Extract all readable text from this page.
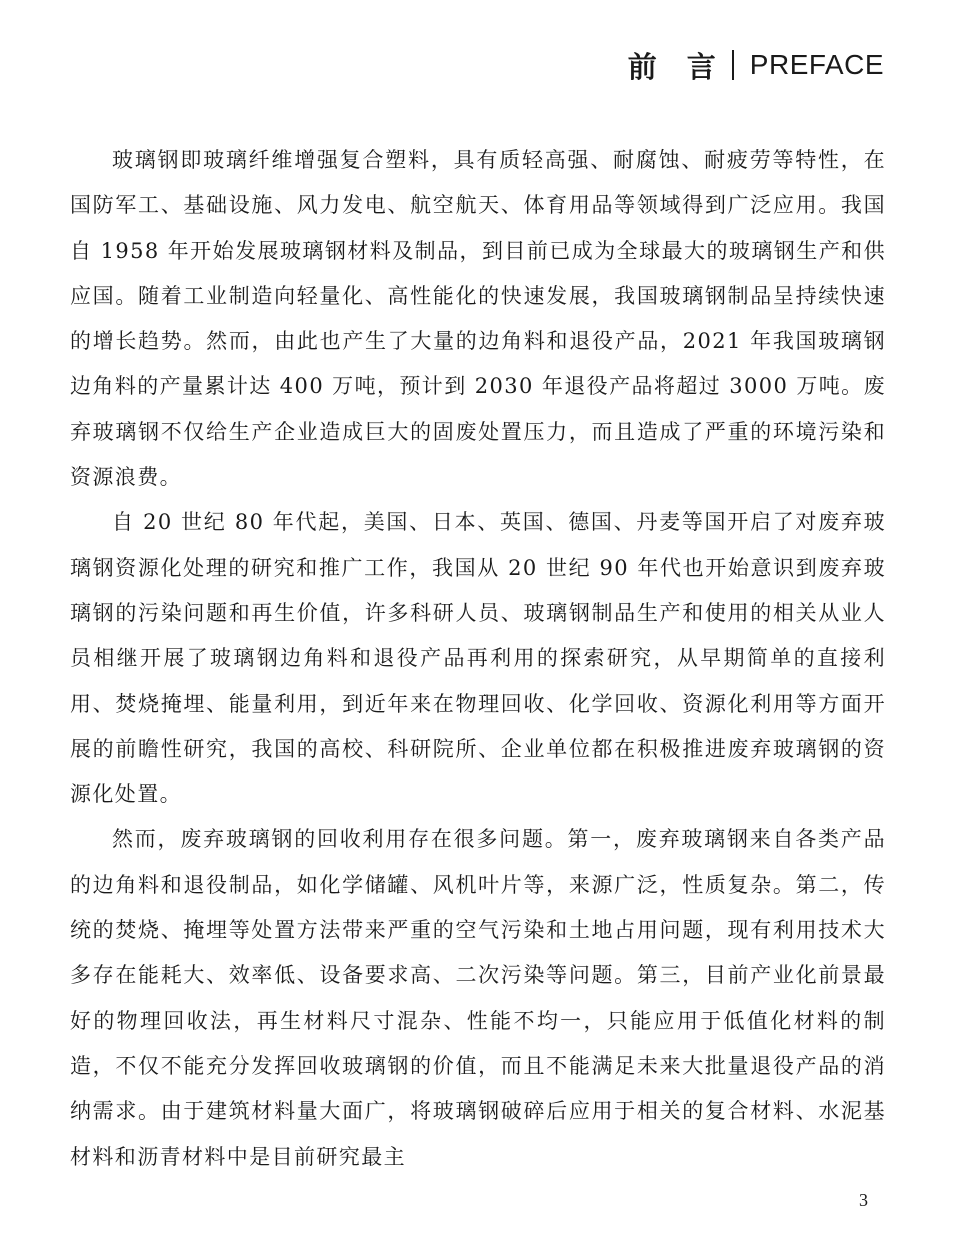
前 言 PREFACE

玻璃钢即玻璃纤维增强复合塑料，具有质轻高强、耐腐蚀、耐疲劳等特性，在国防军工、基础设施、风力发电、航空航天、体育用品等领域得到广泛应用。我国自 1958 年开始发展玻璃钢材料及制品，到目前已成为全球最大的玻璃钢生产和供应国。随着工业制造向轻量化、高性能化的快速发展，我国玻璃钢制品呈持续快速的增长趋势。然而，由此也产生了大量的边角料和退役产品，2021 年我国玻璃钢边角料的产量累计达 400 万吨，预计到 2030 年退役产品将超过 3000 万吨。废弃玻璃钢不仅给生产企业造成巨大的固废处置压力，而且造成了严重的环境污染和资源浪费。

自 20 世纪 80 年代起，美国、日本、英国、德国、丹麦等国开启了对废弃玻璃钢资源化处理的研究和推广工作，我国从 20 世纪 90 年代也开始意识到废弃玻璃钢的污染问题和再生价值，许多科研人员、玻璃钢制品生产和使用的相关从业人员相继开展了玻璃钢边角料和退役产品再利用的探索研究，从早期简单的直接利用、焚烧掩埋、能量利用，到近年来在物理回收、化学回收、资源化利用等方面开展的前瞻性研究，我国的高校、科研院所、企业单位都在积极推进废弃玻璃钢的资源化处置。

然而，废弃玻璃钢的回收利用存在很多问题。第一，废弃玻璃钢来自各类产品的边角料和退役制品，如化学储罐、风机叶片等，来源广泛，性质复杂。第二，传统的焚烧、掩埋等处置方法带来严重的空气污染和土地占用问题，现有利用技术大多存在能耗大、效率低、设备要求高、二次污染等问题。第三，目前产业化前景最好的物理回收法，再生材料尺寸混杂、性能不均一，只能应用于低值化材料的制造，不仅不能充分发挥回收玻璃钢的价值，而且不能满足未来大批量退役产品的消纳需求。由于建筑材料量大面广，将玻璃钢破碎后应用于相关的复合材料、水泥基材料和沥青材料中是目前研究最主

3
